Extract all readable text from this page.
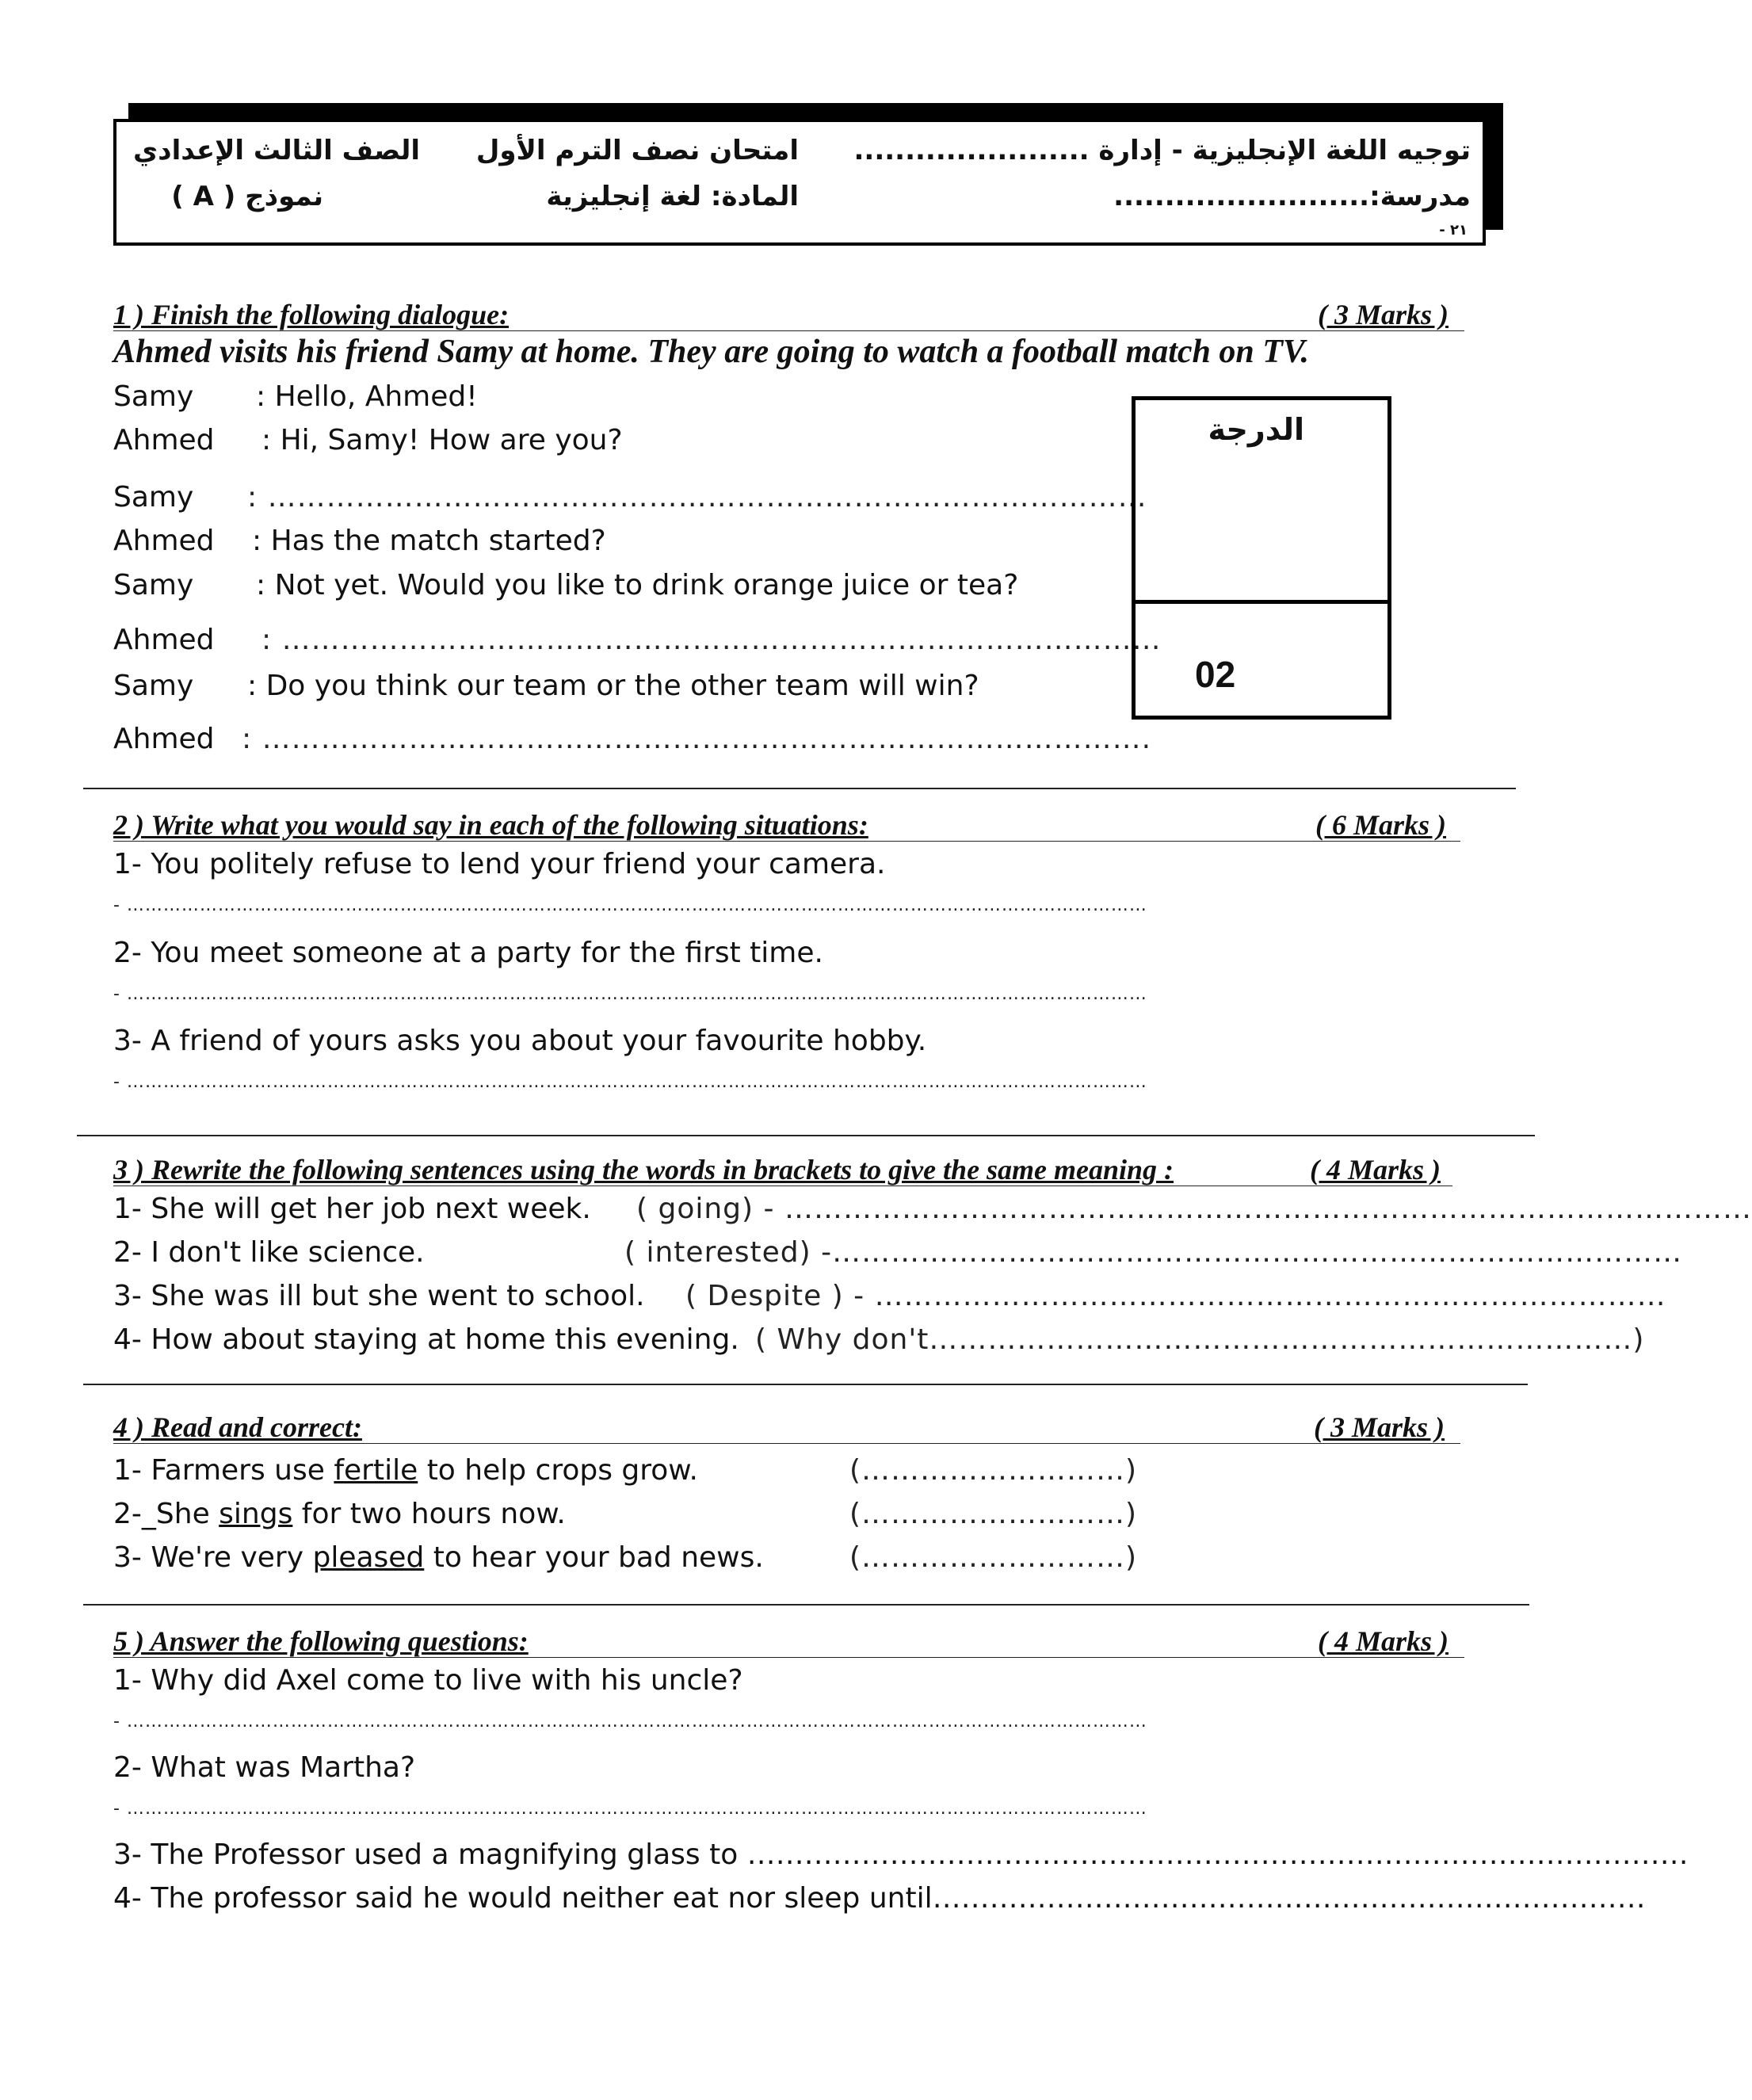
توجيه اللغة الإنجليزية - إدارة .......................
مدرسة:.........................
٢١ -
امتحان نصف الترم الأول
المادة: لغة إنجليزية
الصف الثالث الإعدادي
نموذج ( A )
1 ) Finish the following dialogue:	( 3 Marks )
Ahmed visits his friend Samy at home. They are going to watch a football match on TV.
Samy : Hello, Ahmed!
Ahmed : Hi, Samy! How are you?
Samy : ………………………………………………………………………………
Ahmed : Has the match started?
Samy : Not yet. Would you like to drink orange juice or tea?
Ahmed : ………………………………………………………………………………
Samy : Do you think our team or the other team will win?
Ahmed : ……………………………………………………………………………….
الدرجة
02
2 ) Write what you would say in each of the following situations:	( 6 Marks )
1- You politely refuse to lend your friend your camera.
- ……………………………………………………………………………………………………………………………………………………
2- You meet someone at a party for the first time.
- ……………………………………………………………………………………………………………………………………………………
3- A friend of yours asks you about your favourite hobby.
- ……………………………………………………………………………………………………………………………………………………
3 ) Rewrite the following sentences using the words in brackets to give the same meaning :	( 4 Marks )
1- She will get her job next week. ( going) - ………………………………………………………………………………………
2- I don't like science.	( interested) -……………………………………………………………………………
3- She was ill but she went to school. ( Despite ) - ………………………………………………………………………
4- How about staying at home this evening. ( Why don't………………………………………………………………)
4 ) Read and correct:	( 3 Marks )
1- Farmers use fertile to help crops grow.	(………………………)
2-_She sings for two hours now.	(………………………)
3- We're very pleased to hear your bad news.	(………………………)
5 ) Answer the following questions:	( 4 Marks )
1- Why did Axel come to live with his uncle?
- ……………………………………………………………………………………………………………………………………………………
2- What was Martha?
- ……………………………………………………………………………………………………………………………………………………
3- The Professor used a magnifying glass to ………………………………………………………………………………………
4- The professor said he would neither eat nor sleep until…………………………………………………………………
